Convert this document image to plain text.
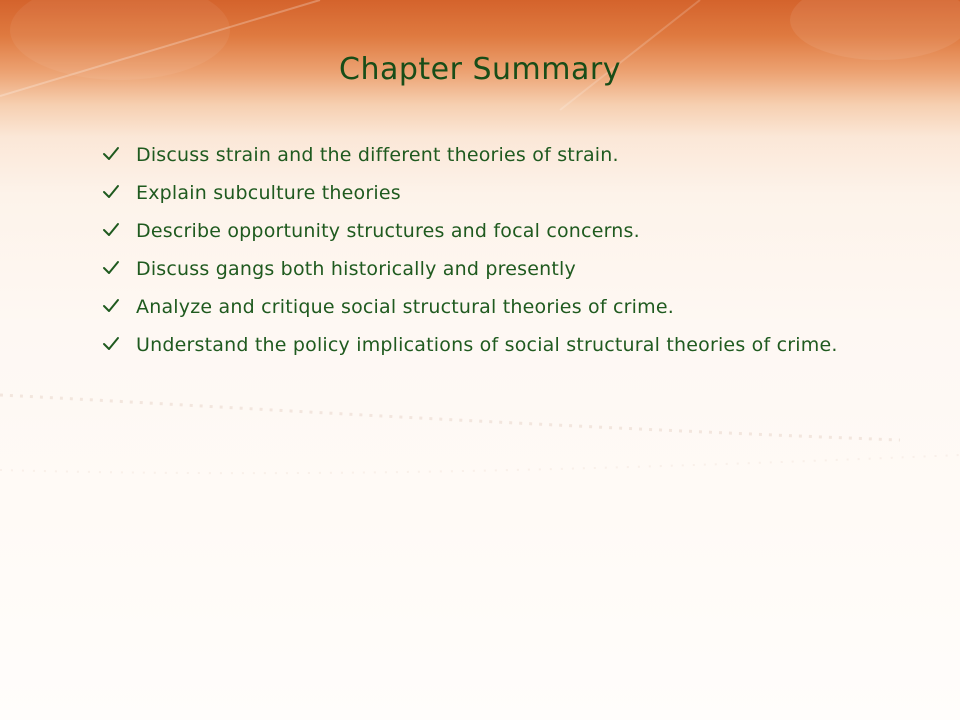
Chapter Summary
Discuss strain and the different theories of strain.
Explain subculture theories
Describe opportunity structures and focal concerns.
Discuss gangs both historically and presently
Analyze and critique social structural theories of crime.
Understand the policy implications of social structural theories of crime.
